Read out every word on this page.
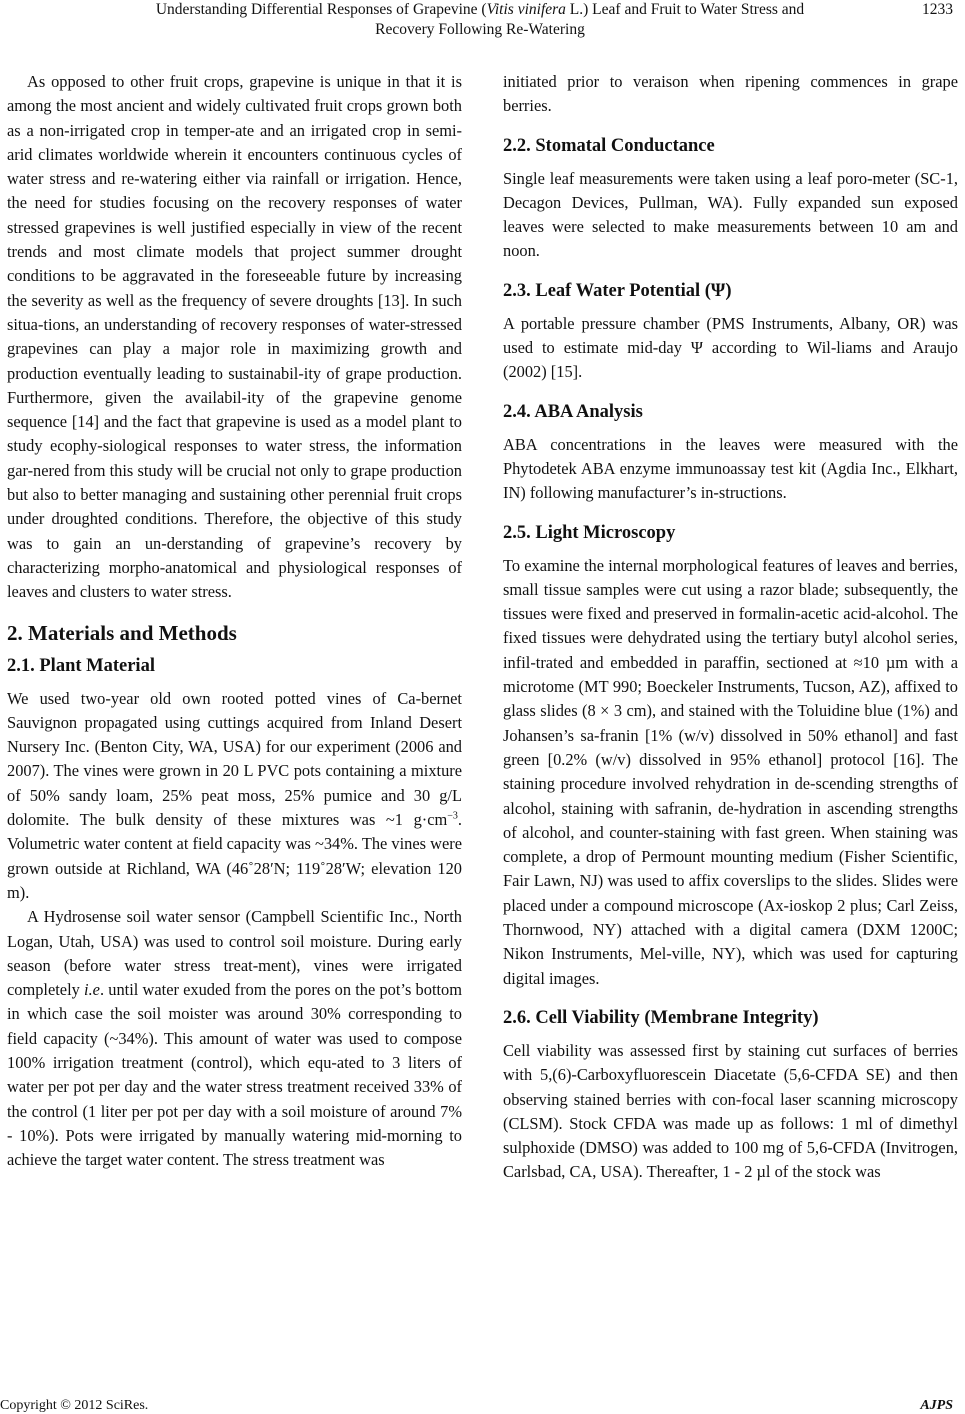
Understanding Differential Responses of Grapevine (Vitis vinifera L.) Leaf and Fruit to Water Stress and
Recovery Following Re-Watering
1233

As opposed to other fruit crops, grapevine is unique in that it is among the most ancient and widely cultivated fruit crops grown both as a non-irrigated crop in temper-ate and an irrigated crop in semi-arid climates worldwide wherein it encounters continuous cycles of water stress and re-watering either via rainfall or irrigation. Hence, the need for studies focusing on the recovery responses of water stressed grapevines is well justified especially in view of the recent trends and most climate models that project summer drought conditions to be aggravated in the foreseeable future by increasing the severity as well as the frequency of severe droughts [13]. In such situa-tions, an understanding of recovery responses of water-stressed grapevines can play a major role in maximizing growth and production eventually leading to sustainabil-ity of grape production. Furthermore, given the availabil-ity of the grapevine genome sequence [14] and the fact that grapevine is used as a model plant to study ecophy-siological responses to water stress, the information gar-nered from this study will be crucial not only to grape production but also to better managing and sustaining other perennial fruit crops under droughted conditions. Therefore, the objective of this study was to gain an un-derstanding of grapevine’s recovery by characterizing morpho-anatomical and physiological responses of leaves and clusters to water stress.

2. Materials and Methods
2.1. Plant Material

We used two-year old own rooted potted vines of Ca-bernet Sauvignon propagated using cuttings acquired from Inland Desert Nursery Inc. (Benton City, WA, USA) for our experiment (2006 and 2007). The vines were grown in 20 L PVC pots containing a mixture of 50% sandy loam, 25% peat moss, 25% pumice and 30 g/L dolomite. The bulk density of these mixtures was ~1 $g\cdot cm^{-3}$. Volumetric water content at field capacity was ~34%. The vines were grown outside at Richland, WA (46˚28′N; 119˚28′W; elevation 120 m).

A Hydrosense soil water sensor (Campbell Scientific Inc., North Logan, Utah, USA) was used to control soil moisture. During early season (before water stress treat-ment), vines were irrigated completely i.e. until water exuded from the pores on the pot’s bottom in which case the soil moister was around 30% corresponding to field capacity (~34%). This amount of water was used to compose 100% irrigation treatment (control), which equ-ated to 3 liters of water per pot per day and the water stress treatment received 33% of the control (1 liter per pot per day with a soil moisture of around 7% - 10%). Pots were irrigated by manually watering mid-morning to achieve the target water content. The stress treatment was

initiated prior to veraison when ripening commences in grape berries.

2.2. Stomatal Conductance

Single leaf measurements were taken using a leaf poro-meter (SC-1, Decagon Devices, Pullman, WA). Fully expanded sun exposed leaves were selected to make measurements between 10 am and noon.

2.3. Leaf Water Potential (Ψ)

A portable pressure chamber (PMS Instruments, Albany, OR) was used to estimate mid-day Ψ according to Wil-liams and Araujo (2002) [15].

2.4. ABA Analysis

ABA concentrations in the leaves were measured with the Phytodetek ABA enzyme immunoassay test kit (Agdia Inc., Elkhart, IN) following manufacturer’s in-structions.

2.5. Light Microscopy

To examine the internal morphological features of leaves and berries, small tissue samples were cut using a razor blade; subsequently, the tissues were fixed and preserved in formalin-acetic acid-alcohol. The fixed tissues were dehydrated using the tertiary butyl alcohol series, infil-trated and embedded in paraffin, sectioned at ≈10 µm with a microtome (MT 990; Boeckeler Instruments, Tucson, AZ), affixed to glass slides (8 × 3 cm), and stained with the Toluidine blue (1%) and Johansen’s sa-franin [1% (w/v) dissolved in 50% ethanol] and fast green [0.2% (w/v) dissolved in 95% ethanol] protocol [16]. The staining procedure involved rehydration in de-scending strengths of alcohol, staining with safranin, de-hydration in ascending strengths of alcohol, and counter-staining with fast green. When staining was complete, a drop of Permount mounting medium (Fisher Scientific, Fair Lawn, NJ) was used to affix coverslips to the slides. Slides were placed under a compound microscope (Ax-ioskop 2 plus; Carl Zeiss, Thornwood, NY) attached with a digital camera (DXM 1200C; Nikon Instruments, Mel-ville, NY), which was used for capturing digital images.

2.6. Cell Viability (Membrane Integrity)

Cell viability was assessed first by staining cut surfaces of berries with 5,(6)-Carboxyfluorescein Diacetate (5,6-CFDA SE) and then observing stained berries with con-focal laser scanning microscopy (CLSM). Stock CFDA was made up as follows: 1 ml of dimethyl sulphoxide (DMSO) was added to 100 mg of 5,6-CFDA (Invitrogen, Carlsbad, CA, USA). Thereafter, 1 - 2 µl of the stock was

Copyright © 2012 SciRes.	AJPS
